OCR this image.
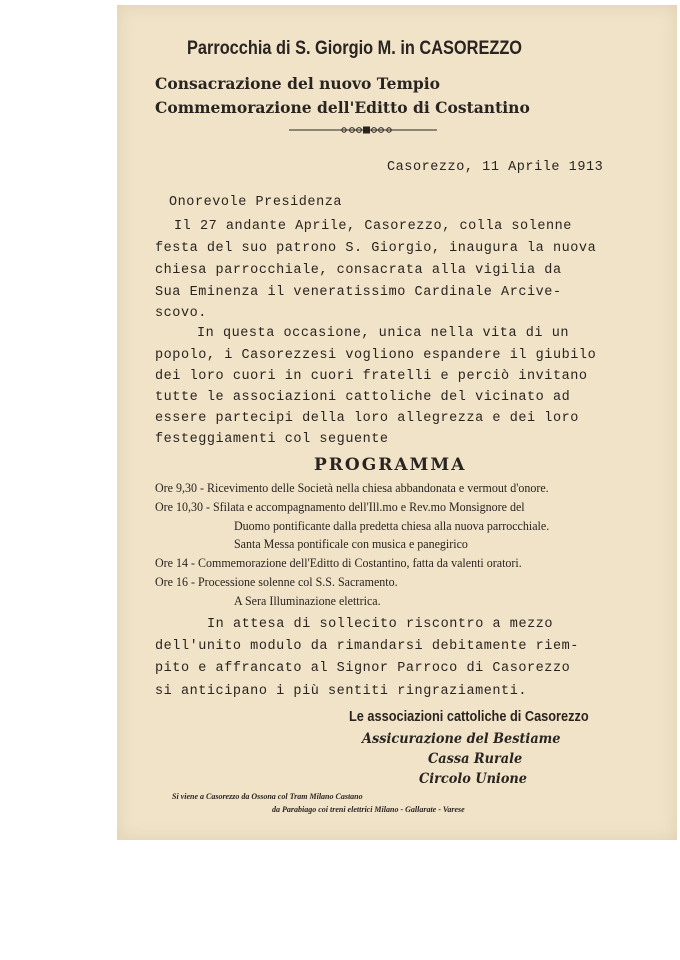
Parrocchia di S. Giorgio M. in CASOREZZO
Consacrazione del nuovo Tempio
Commemorazione dell'Editto di Costantino
Casorezzo, 11 Aprile 1913
Onorevole Presidenza
Il 27 andante Aprile, Casorezzo, colla solenne
festa del suo patrono S. Giorgio, inaugura la nuova
chiesa parrocchiale, consacrata alla vigilia da
Sua Eminenza il veneratissimo Cardinale Arcive-
scovo.
In questa occasione, unica nella vita di un
popolo, i Casorezzesi vogliono espandere il giubilo
dei loro cuori in cuori fratelli e perciò invitano
tutte le associazioni cattoliche del vicinato ad
essere partecipi della loro allegrezza e dei loro
festeggiamenti col seguente
PROGRAMMA
Ore 9,30 - Ricevimento delle Società nella chiesa abbandonata e vermout d'onore.
Ore 10,30 - Sfilata e accompagnamento dell'Ill.mo e Rev.mo Monsignore del
Duomo pontificante dalla predetta chiesa alla nuova parrocchiale.
Santa Messa pontificale con musica e panegirico
Ore 14 - Commemorazione dell'Editto di Costantino, fatta da valenti oratori.
Ore 16 - Processione solenne col S.S. Sacramento.
A Sera Illuminazione elettrica.
In attesa di sollecito riscontro a mezzo
dell'unito modulo da rimandarsi debitamente riem-
pito e affrancato al Signor Parroco di Casorezzo
si anticipano i più sentiti ringraziamenti.
Le associazioni cattoliche di Casorezzo
Assicurazione del Bestiame
Cassa Rurale
Circolo Unione
Si viene a Casorezzo da Ossona col Tram Milano Castano
da Parabiago coi treni elettrici Milano - Gallarate - Varese
